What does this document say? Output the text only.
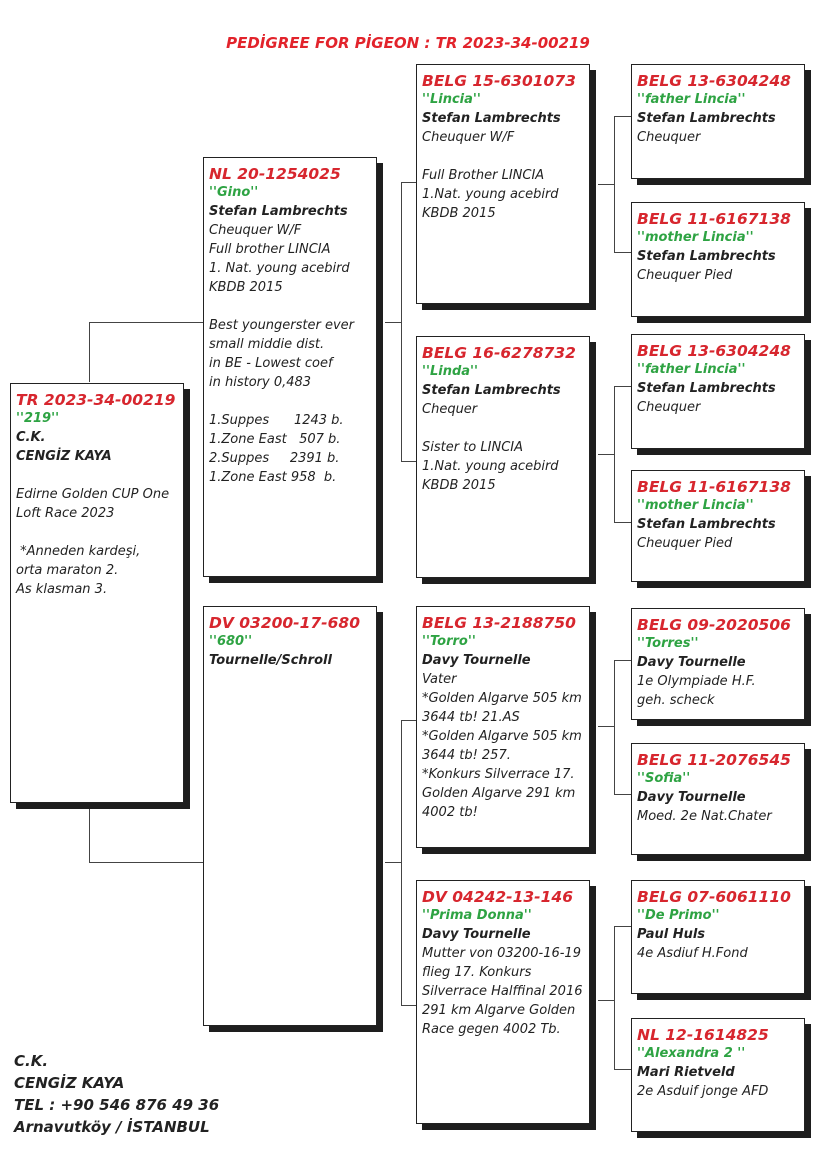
PEDİGREE FOR PİGEON : TR 2023-34-00219
TR 2023-34-00219
''219''
C.K.
CENGİZ KAYA

Edirne Golden CUP One
Loft Race 2023

*Anneden kardeşi,
orta maraton 2.
As klasman 3.
NL 20-1254025
''Gino''
Stefan Lambrechts
Cheuquer W/F
Full brother LINCIA
1. Nat. young acebird
KBDB 2015

Best youngerster ever
small middie dist.
in BE - Lowest coef
in history 0,483

1.Suppes      1243 b.
1.Zone East   507 b.
2.Suppes     2391 b.
1.Zone East 958  b.
DV 03200-17-680
''680''
Tournelle/Schroll
BELG 15-6301073
''Lincia''
Stefan Lambrechts
Cheuquer W/F

Full Brother LINCIA
1.Nat. young acebird
KBDB 2015
BELG 16-6278732
''Linda''
Stefan Lambrechts
Chequer

Sister to LINCIA
1.Nat. young acebird
KBDB 2015
BELG 13-2188750
''Torro''
Davy Tournelle
Vater
*Golden Algarve 505 km
3644 tb! 21.AS
*Golden Algarve 505 km
3644 tb! 257.
*Konkurs Silverrace 17.
Golden Algarve 291 km
4002 tb!
DV 04242-13-146
''Prima Donna''
Davy Tournelle
Mutter von 03200-16-19
flieg 17. Konkurs
Silverrace Halffinal 2016
291 km Algarve Golden
Race gegen 4002 Tb.
BELG 13-6304248
''father Lincia''
Stefan Lambrechts
Cheuquer
BELG 11-6167138
''mother Lincia''
Stefan Lambrechts
Cheuquer Pied
BELG 13-6304248
''father Lincia''
Stefan Lambrechts
Cheuquer
BELG 11-6167138
''mother Lincia''
Stefan Lambrechts
Cheuquer Pied
BELG 09-2020506
''Torres''
Davy Tournelle
1e Olympiade H.F.
geh. scheck
BELG 11-2076545
''Sofia''
Davy Tournelle
Moed. 2e Nat.Chater
BELG 07-6061110
''De Primo''
Paul Huls
4e Asdiuf H.Fond
NL 12-1614825
''Alexandra 2 ''
Mari Rietveld
2e Asduif jonge AFD
C.K.
CENGİZ KAYA
TEL : +90 546 876 49 36
Arnavutköy / İSTANBUL
